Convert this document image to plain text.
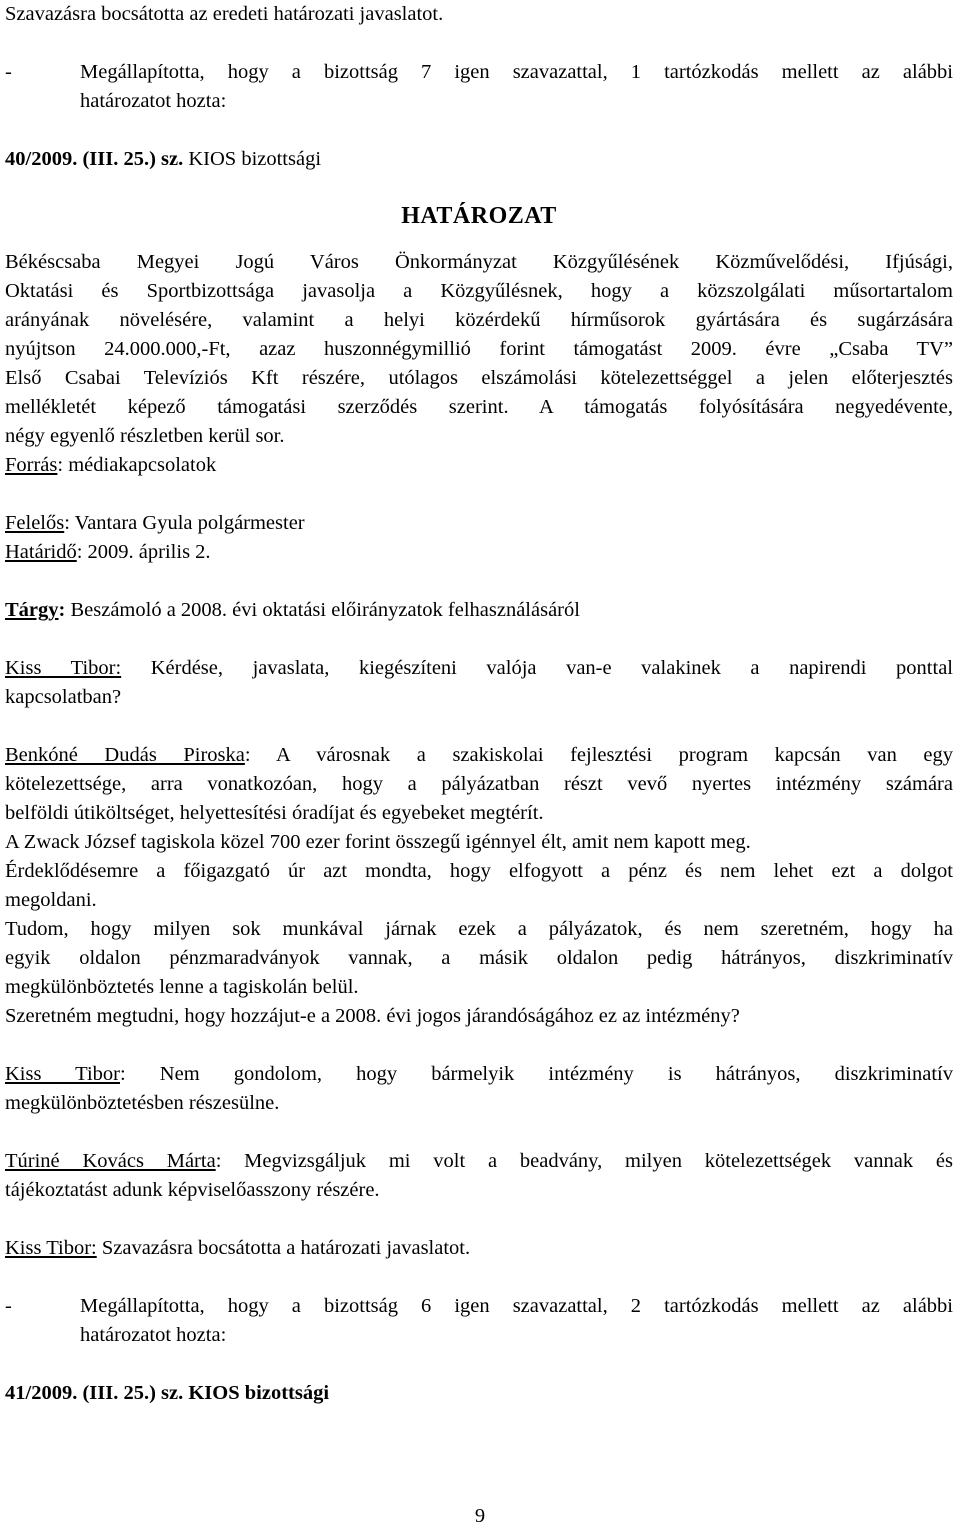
Szavazásra bocsátotta az eredeti határozati javaslatot.
-	Megállapította, hogy a bizottság 7 igen szavazattal, 1 tartózkodás mellett az alábbi
határozatot hozta:
40/2009. (III. 25.) sz. KIOS bizottsági
HATÁROZAT
Békéscsaba Megyei Jogú Város Önkormányzat Közgyűlésének Közművelődési, Ifjúsági,
Oktatási és Sportbizottsága javasolja a Közgyűlésnek, hogy a közszolgálati műsortartalom
arányának növelésére, valamint a helyi közérdekű hírműsorok gyártására és sugárzására
nyújtson 24.000.000,-Ft, azaz huszonnégymillió forint támogatást 2009. évre „Csaba TV”
Első Csabai Televíziós Kft részére, utólagos elszámolási kötelezettséggel a jelen előterjesztés
mellékletét képező támogatási szerződés szerint. A támogatás folyósítására negyedévente,
négy egyenlő részletben kerül sor.
Forrás: médiakapcsolatok
Felelős: Vantara Gyula polgármester
Határidő: 2009. április 2.
Tárgy: Beszámoló a 2008. évi oktatási előirányzatok felhasználásáról
Kiss Tibor: Kérdése, javaslata, kiegészíteni valója van-e valakinek a napirendi ponttal
kapcsolatban?
Benkóné Dudás Piroska: A városnak a szakiskolai fejlesztési program kapcsán van egy
kötelezettsége, arra vonatkozóan, hogy a pályázatban részt vevő nyertes intézmény számára
belföldi útiköltséget, helyettesítési óradíjat és egyebeket megtérít.
A Zwack József tagiskola közel 700 ezer forint összegű igénnyel élt, amit nem kapott meg.
Érdeklődésemre a főigazgató úr azt mondta, hogy elfogyott a pénz és nem lehet ezt a dolgot
megoldani.
Tudom, hogy milyen sok munkával járnak ezek a pályázatok, és nem szeretném, hogy ha
egyik oldalon pénzmaradványok vannak, a másik oldalon pedig hátrányos, diszkriminatív
megkülönböztetés lenne a tagiskolán belül.
Szeretném megtudni, hogy hozzájut-e a 2008. évi jogos járandóságához ez az intézmény?
Kiss Tibor: Nem gondolom, hogy bármelyik intézmény is hátrányos, diszkriminatív
megkülönböztetésben részesülne.
Túriné Kovács Márta: Megvizsgáljuk mi volt a beadvány, milyen kötelezettségek vannak és
tájékoztatást adunk képviselőasszony részére.
Kiss Tibor: Szavazásra bocsátotta a határozati javaslatot.
-	Megállapította, hogy a bizottság 6 igen szavazattal, 2 tartózkodás mellett az alábbi
határozatot hozta:
41/2009. (III. 25.) sz. KIOS bizottsági
9
